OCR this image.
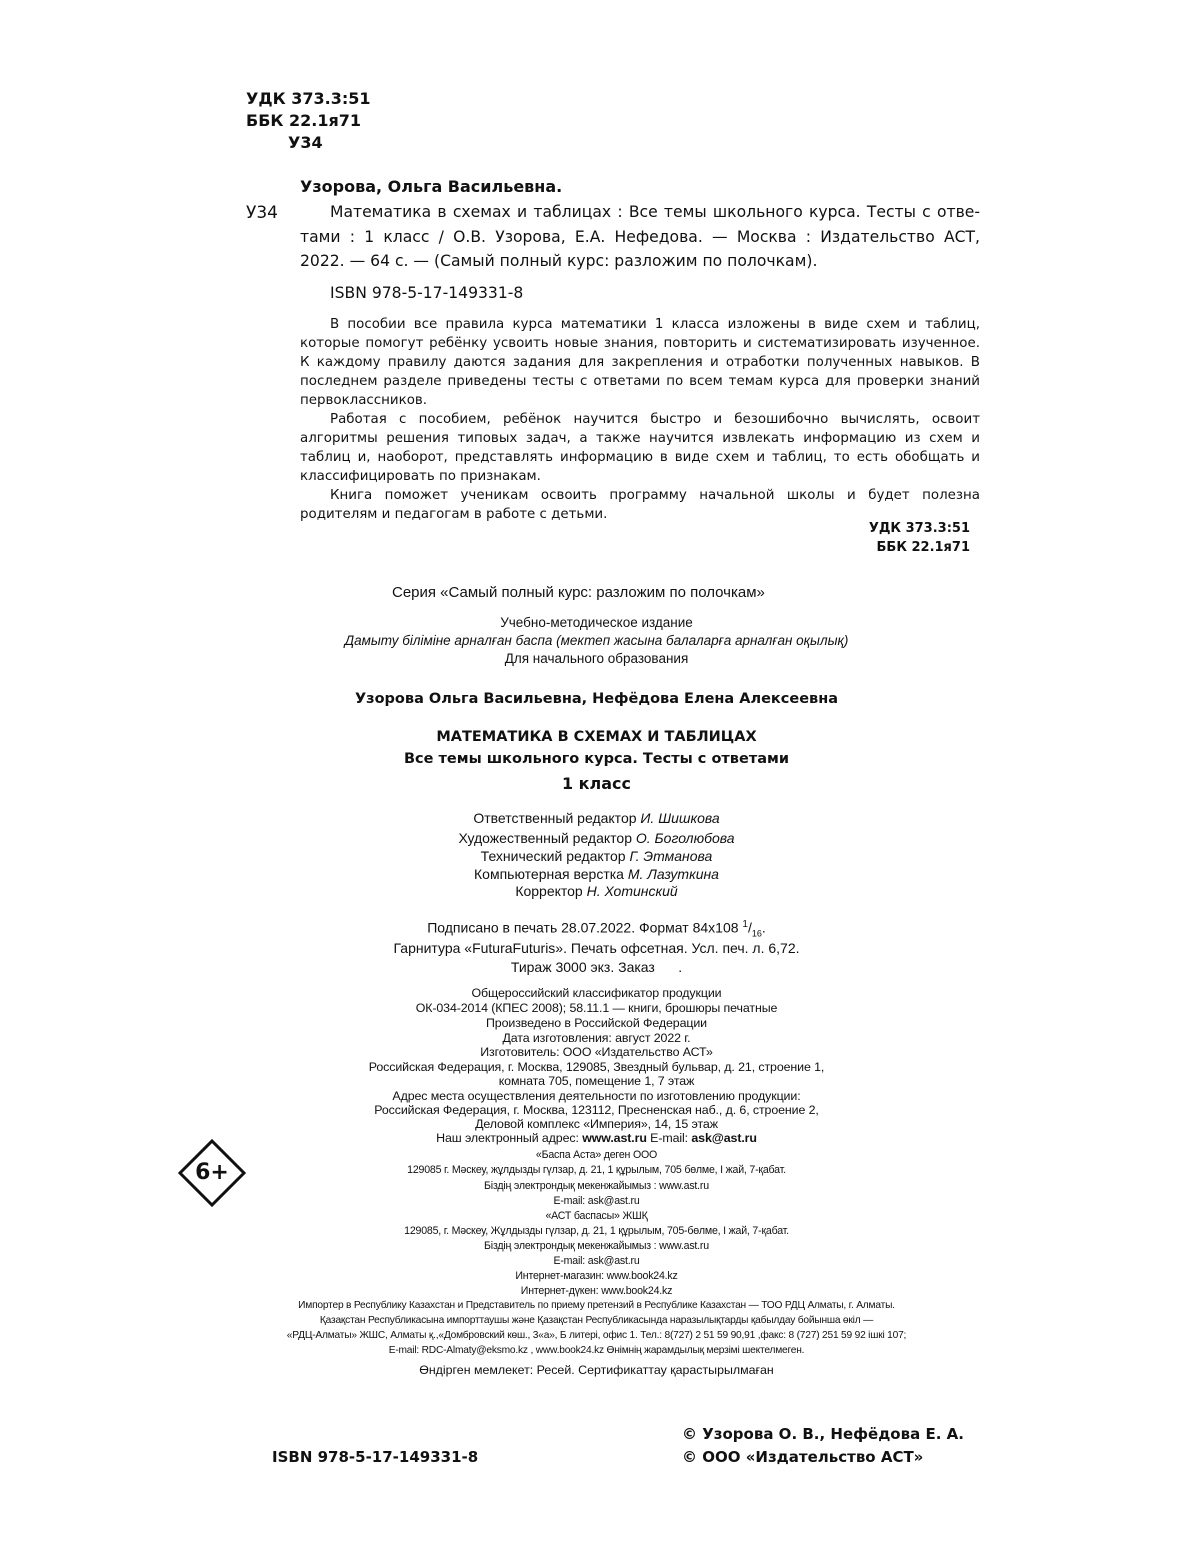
УДК 373.3:51
ББК 22.1я71
У34
Узорова, Ольга Васильевна.
У34	Математика в схемах и таблицах : Все темы школьного курса. Тесты с отве-
тами : 1 класс / О.В. Узорова, Е.А. Нефедова. — Москва : Издательство АСТ,
2022. — 64 с. — (Самый полный курс: разложим по полочкам).
ISBN 978-5-17-149331-8

В пособии все правила курса математики 1 класса изложены в виде схем и таблиц, которые помогут ребёнку усвоить новые знания, повторить и систематизировать изученное. К каждому правилу даются задания для закрепления и отработки полученных навыков. В последнем разделе приведены тесты с ответами по всем темам курса для проверки знаний первоклассников.

Работая с пособием, ребёнок научится быстро и безошибочно вычислять, освоит алгоритмы решения типовых задач, а также научится извлекать информацию из схем и таблиц и, наоборот, представлять информацию в виде схем и таблиц, то есть обобщать и классифицировать по признакам.

Книга поможет ученикам освоить программу начальной школы и будет полезна родителям и педагогам в работе с детьми.

УДК 373.3:51
ББК 22.1я71
Серия «Самый полный курс: разложим по полочкам»
Учебно-методическое издание
Дамыту біліміне арналған баспа (мектеп жасына балаларға арналған оқылық)
Для начального образования
Узорова Ольга Васильевна, Нефёдова Елена Алексеевна
МАТЕМАТИКА В СХЕМАХ И ТАБЛИЦАХ
Все темы школьного курса. Тесты с ответами
1 класс
Ответственный редактор И. Шишкова
Художественный редактор О. Боголюбова
Технический редактор Г. Этманова
Компьютерная верстка М. Лазуткина
Корректор Н. Хотинский
Подписано в печать 28.07.2022. Формат 84х108 $^1/_{16}$.
Гарнитура «FuturaFuturis». Печать офсетная. Усл. печ. л. 6,72.
Тираж 3000 экз. Заказ      .
Общероссийский классификатор продукции
ОК-034-2014 (КПЕС 2008); 58.11.1 — книги, брошюры печатные
Произведено в Российской Федерации
Дата изготовления: август 2022 г.
Изготовитель: ООО «Издательство АСТ»
Российская Федерация, г. Москва, 129085, Звездный бульвар, д. 21, строение 1,
комната 705, помещение 1, 7 этаж
Адрес места осуществления деятельности по изготовлению продукции:
Российская Федерация, г. Москва, 123112, Пресненская наб., д. 6, строение 2,
Деловой комплекс «Империя», 14, 15 этаж
Наш электронный адрес: www.ast.ru E-mail: ask@ast.ru
«Баспа Аста» деген ООО
129085 г. Мәскеу, жұлдызды гүлзар, д. 21, 1 құрылым, 705 бөлме, I жай, 7-қабат.
Біздің электрондық мекенжайымыз : www.ast.ru
E-mail: ask@ast.ru
«АСТ баспасы» ЖШҚ
129085, г. Мәскеу, Жұлдызды гүлзар, д. 21, 1 құрылым, 705-бөлме, I жай, 7-қабат.
Біздің электрондық мекенжайымыз : www.ast.ru
E-mail: ask@ast.ru
Интернет-магазин: www.book24.kz
Интернет-дүкен: www.book24.kz
Импортер в Республику Казахстан и Представитель по приему претензий в Республике Казахстан — ТОО РДЦ Алматы, г. Алматы.
Қазақстан Республикасына импорттаушы және Қазақстан Республикасында наразылықтарды қабылдау бойынша өкіл —
«РДЦ-Алматы» ЖШС, Алматы қ.,«Домбровский көш., 3«а», Б литері, офис 1. Тел.: 8(727) 2 51 59 90,91 ,факс: 8 (727) 251 59 92 ішкі 107;
E-mail: RDC-Almaty@eksmo.kz , www.book24.kz Өнімнің жарамдылық мерзімі шектелмеген.
Өндірген мемлекет: Ресей. Сертификаттау қарастырылмаған
6+
ISBN 978-5-17-149331-8
© Узорова О. В., Нефёдова Е. А.
© ООО «Издательство АСТ»
